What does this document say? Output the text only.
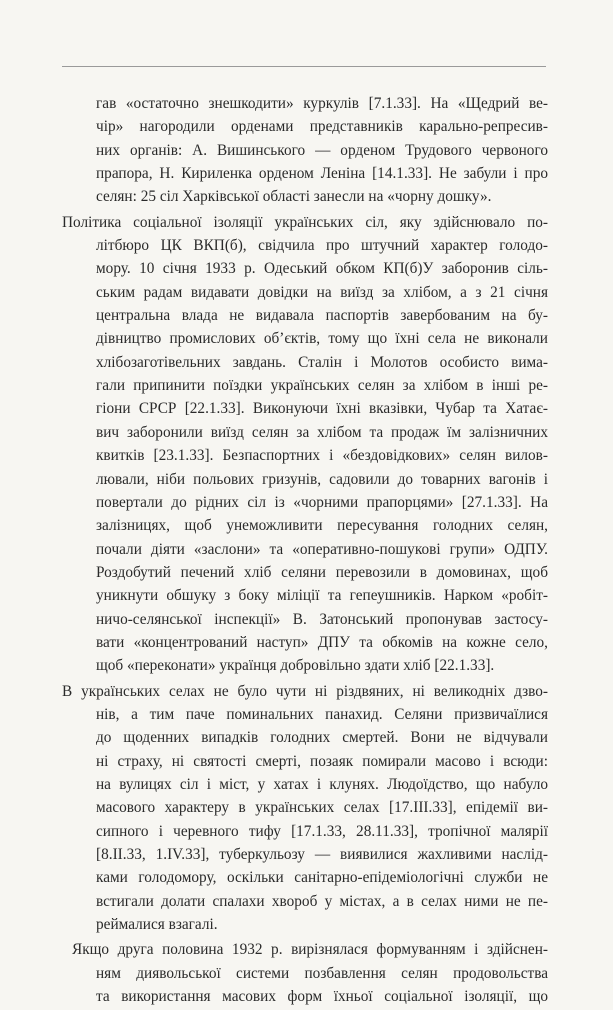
гав «остаточно знешкодити» куркулів [7.1.33]. На «Щедрий ве-
чір» нагородили орденами представників карально-репресив-
них органів: А. Вишинського — орденом Трудового червоного
прапора, Н. Кириленка орденом Леніна [14.1.33]. Не забули і про
селян: 25 сіл Харківської області занесли на «чорну дошку».
Політика соціальної ізоляції українських сіл, яку здійснювало по-
літбюро ЦК ВКП(б), свідчила про штучний характер голодо-
мору. 10 січня 1933 р. Одеський обком КП(б)У заборонив сіль-
ським радам видавати довідки на виїзд за хлібом, а з 21 січня
центральна влада не видавала паспортів завербованим на бу-
дівництво промислових об’єктів, тому що їхні села не виконали
хлібозаготівельних завдань. Сталін і Молотов особисто вима-
гали припинити поїздки українських селян за хлібом в інші ре-
гіони СРСР [22.1.33]. Виконуючи їхні вказівки, Чубар та Хатає-
вич заборонили виїзд селян за хлібом та продаж їм залізничних
квитків [23.1.33]. Безпаспортних і «бездовідкових» селян вилов-
лювали, ніби польових гризунів, садовили до товарних вагонів і
повертали до рідних сіл із «чорними прапорцями» [27.1.33]. На
залізницях, щоб унеможливити пересування голодних селян,
почали діяти «заслони» та «оперативно-пошукові групи» ОДПУ.
Роздобутий печений хліб селяни перевозили в домовинах, щоб
уникнути обшуку з боку міліції та гепеушників. Нарком «робіт-
ничо-селянської інспекції» В. Затонський пропонував застосу-
вати «концентрований наступ» ДПУ та обкомів на кожне село,
щоб «переконати» українця добровільно здати хліб [22.1.33].
В українських селах не було чути ні різдвяних, ні великодніх дзво-
нів, а тим паче поминальних панахид. Селяни призвичаїлися
до щоденних випадків голодних смертей. Вони не відчували
ні страху, ні святості смерті, позаяк помирали масово і всюди:
на вулицях сіл і міст, у хатах і клунях. Людоїдство, що набуло
масового характеру в українських селах [17.ІІІ.33], епідемії ви-
сипного і черевного тифу [17.1.33, 28.11.33], тропічної малярії
[8.ІІ.33, 1.IV.33], туберкульозу — виявилися жахливими наслід-
ками голодомору, оскільки санітарно-епідеміологічні служби не
встигали долати спалахи хвороб у містах, а в селах ними не пе-
реймалися взагалі.
Якщо друга половина 1932 р. вирізнялася формуванням і здійснен-
ням диявольської системи позбавлення селян продовольства
та використання масових форм їхньої соціальної ізоляції, що
